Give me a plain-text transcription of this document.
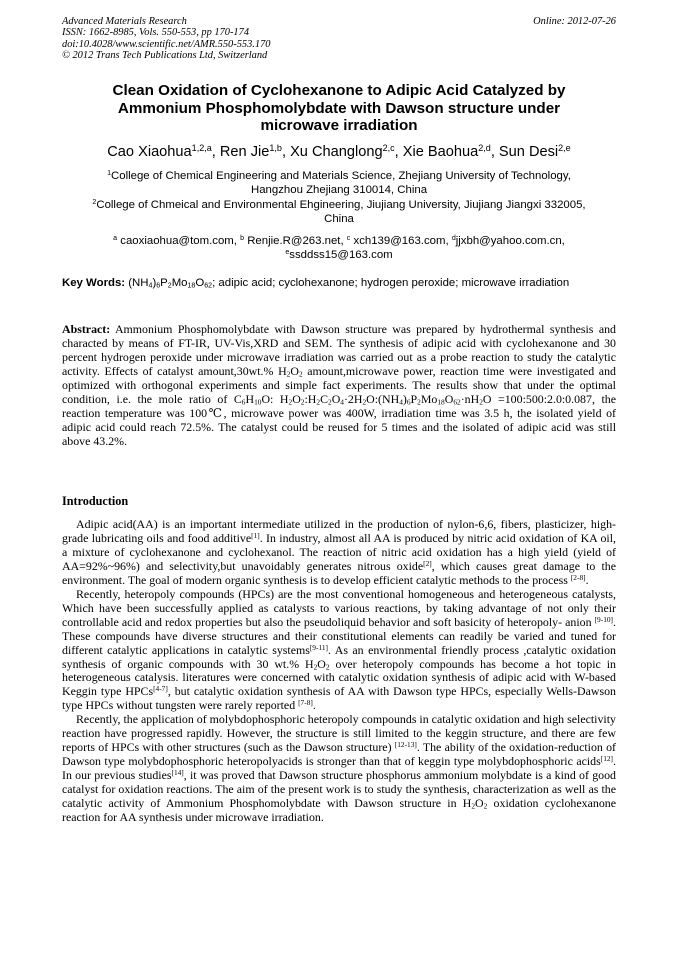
Advanced Materials Research
ISSN: 1662-8985, Vols. 550-553, pp 170-174
doi:10.4028/www.scientific.net/AMR.550-553.170
© 2012 Trans Tech Publications Ltd, Switzerland
Online: 2012-07-26
Clean Oxidation of Cyclohexanone to Adipic Acid Catalyzed by
Ammonium Phosphomolybdate with Dawson structure under
microwave irradiation
Cao Xiaohua$^{1,2,a}$, Ren Jie$^{1,b}$, Xu Changlong$^{2,c}$, Xie Baohua$^{2,d}$, Sun Desi$^{2,e}$
$^1$College of Chemical Engineering and Materials Science, Zhejiang University of Technology,
Hangzhou Zhejiang 310014, China
$^2$College of Chmeical and Environmental Ehgineering, Jiujiang University, Jiujiang Jiangxi 332005,
China
$^a$ caoxiaohua@tom.com, $^b$ Renjie.R@263.net, $^c$ xch139@163.com, $^d$jjxbh@yahoo.com.cn,
$^e$ssddss15@163.com
Key Words: $(NH_4)_6P_2Mo_{18}O_{62}$; adipic acid; cyclohexanone; hydrogen peroxide; microwave irradiation
Abstract: Ammonium Phosphomolybdate with Dawson structure was prepared by hydrothermal synthesis and characted by means of FT-IR, UV-Vis,XRD and SEM. The synthesis of adipic acid with cyclohexanone and 30 percent hydrogen peroxide under microwave irradiation was carried out as a probe reaction to study the catalytic activity. Effects of catalyst amount,30wt.% $H_2O_2$ amount,microwave power, reaction time were investigated and optimized with orthogonal experiments and simple fact experiments. The results show that under the optimal condition, i.e. the mole ratio of $C_6H_{10}O$: $H_2O_2:H_2C_2O_4\cdot 2H_2O:(NH_4)_6P_2Mo_{18}O_{62}\cdot nH_2O$ =100:500:2.0:0.087, the reaction temperature was 100℃, microwave power was 400W, irradiation time was 3.5 h, the isolated yield of adipic acid could reach 72.5%. The catalyst could be reused for 5 times and the isolated of adipic acid was still above 43.2%.
Introduction

Adipic acid(AA) is an important intermediate utilized in the production of nylon-6,6, fibers, plasticizer, high-grade lubricating oils and food additive[1]. In industry, almost all AA is produced by nitric acid oxidation of KA oil, a mixture of cyclohexanone and cyclohexanol. The reaction of nitric acid oxidation has a high yield (yield of AA=92%~96%) and selectivity,but unavoidably generates nitrous oxide[2], which causes great damage to the environment. The goal of modern organic synthesis is to develop efficient catalytic methods to the process [2-8].

Recently, heteropoly compounds (HPCs) are the most conventional homogeneous and heterogeneous catalysts, Which have been successfully applied as catalysts to various reactions, by taking advantage of not only their controllable acid and redox properties but also the pseudoliquid behavior and soft basicity of heteropoly- anion [9-10]. These compounds have diverse structures and their constitutional elements can readily be varied and tuned for different catalytic applications in catalytic systems[9-11]. As an environmental friendly process ,catalytic oxidation synthesis of organic compounds with 30 wt.% $H_2O_2$ over heteropoly compounds has become a hot topic in heterogeneous catalysis. literatures were concerned with catalytic oxidation synthesis of adipic acid with W-based Keggin type HPCs[4-7], but catalytic oxidation synthesis of AA with Dawson type HPCs, especially Wells-Dawson type HPCs without tungsten were rarely reported [7-8].

Recently, the application of molybdophosphoric heteropoly compounds in catalytic oxidation and high selectivity reaction have progressed rapidly. However, the structure is still limited to the keggin structure, and there are few reports of HPCs with other structures (such as the Dawson structure) [12-13]. The ability of the oxidation-reduction of Dawson type molybdophosphoric heteropolyacids is stronger than that of keggin type molybdophosphoric acids[12]. In our previous studies[14], it was proved that Dawson structure phosphorus ammonium molybdate is a kind of good catalyst for oxidation reactions. The aim of the present work is to study the synthesis, characterization as well as the catalytic activity of Ammonium Phosphomolybdate with Dawson structure in $H_2O_2$ oxidation cyclohexanone reaction for AA synthesis under microwave irradiation.
